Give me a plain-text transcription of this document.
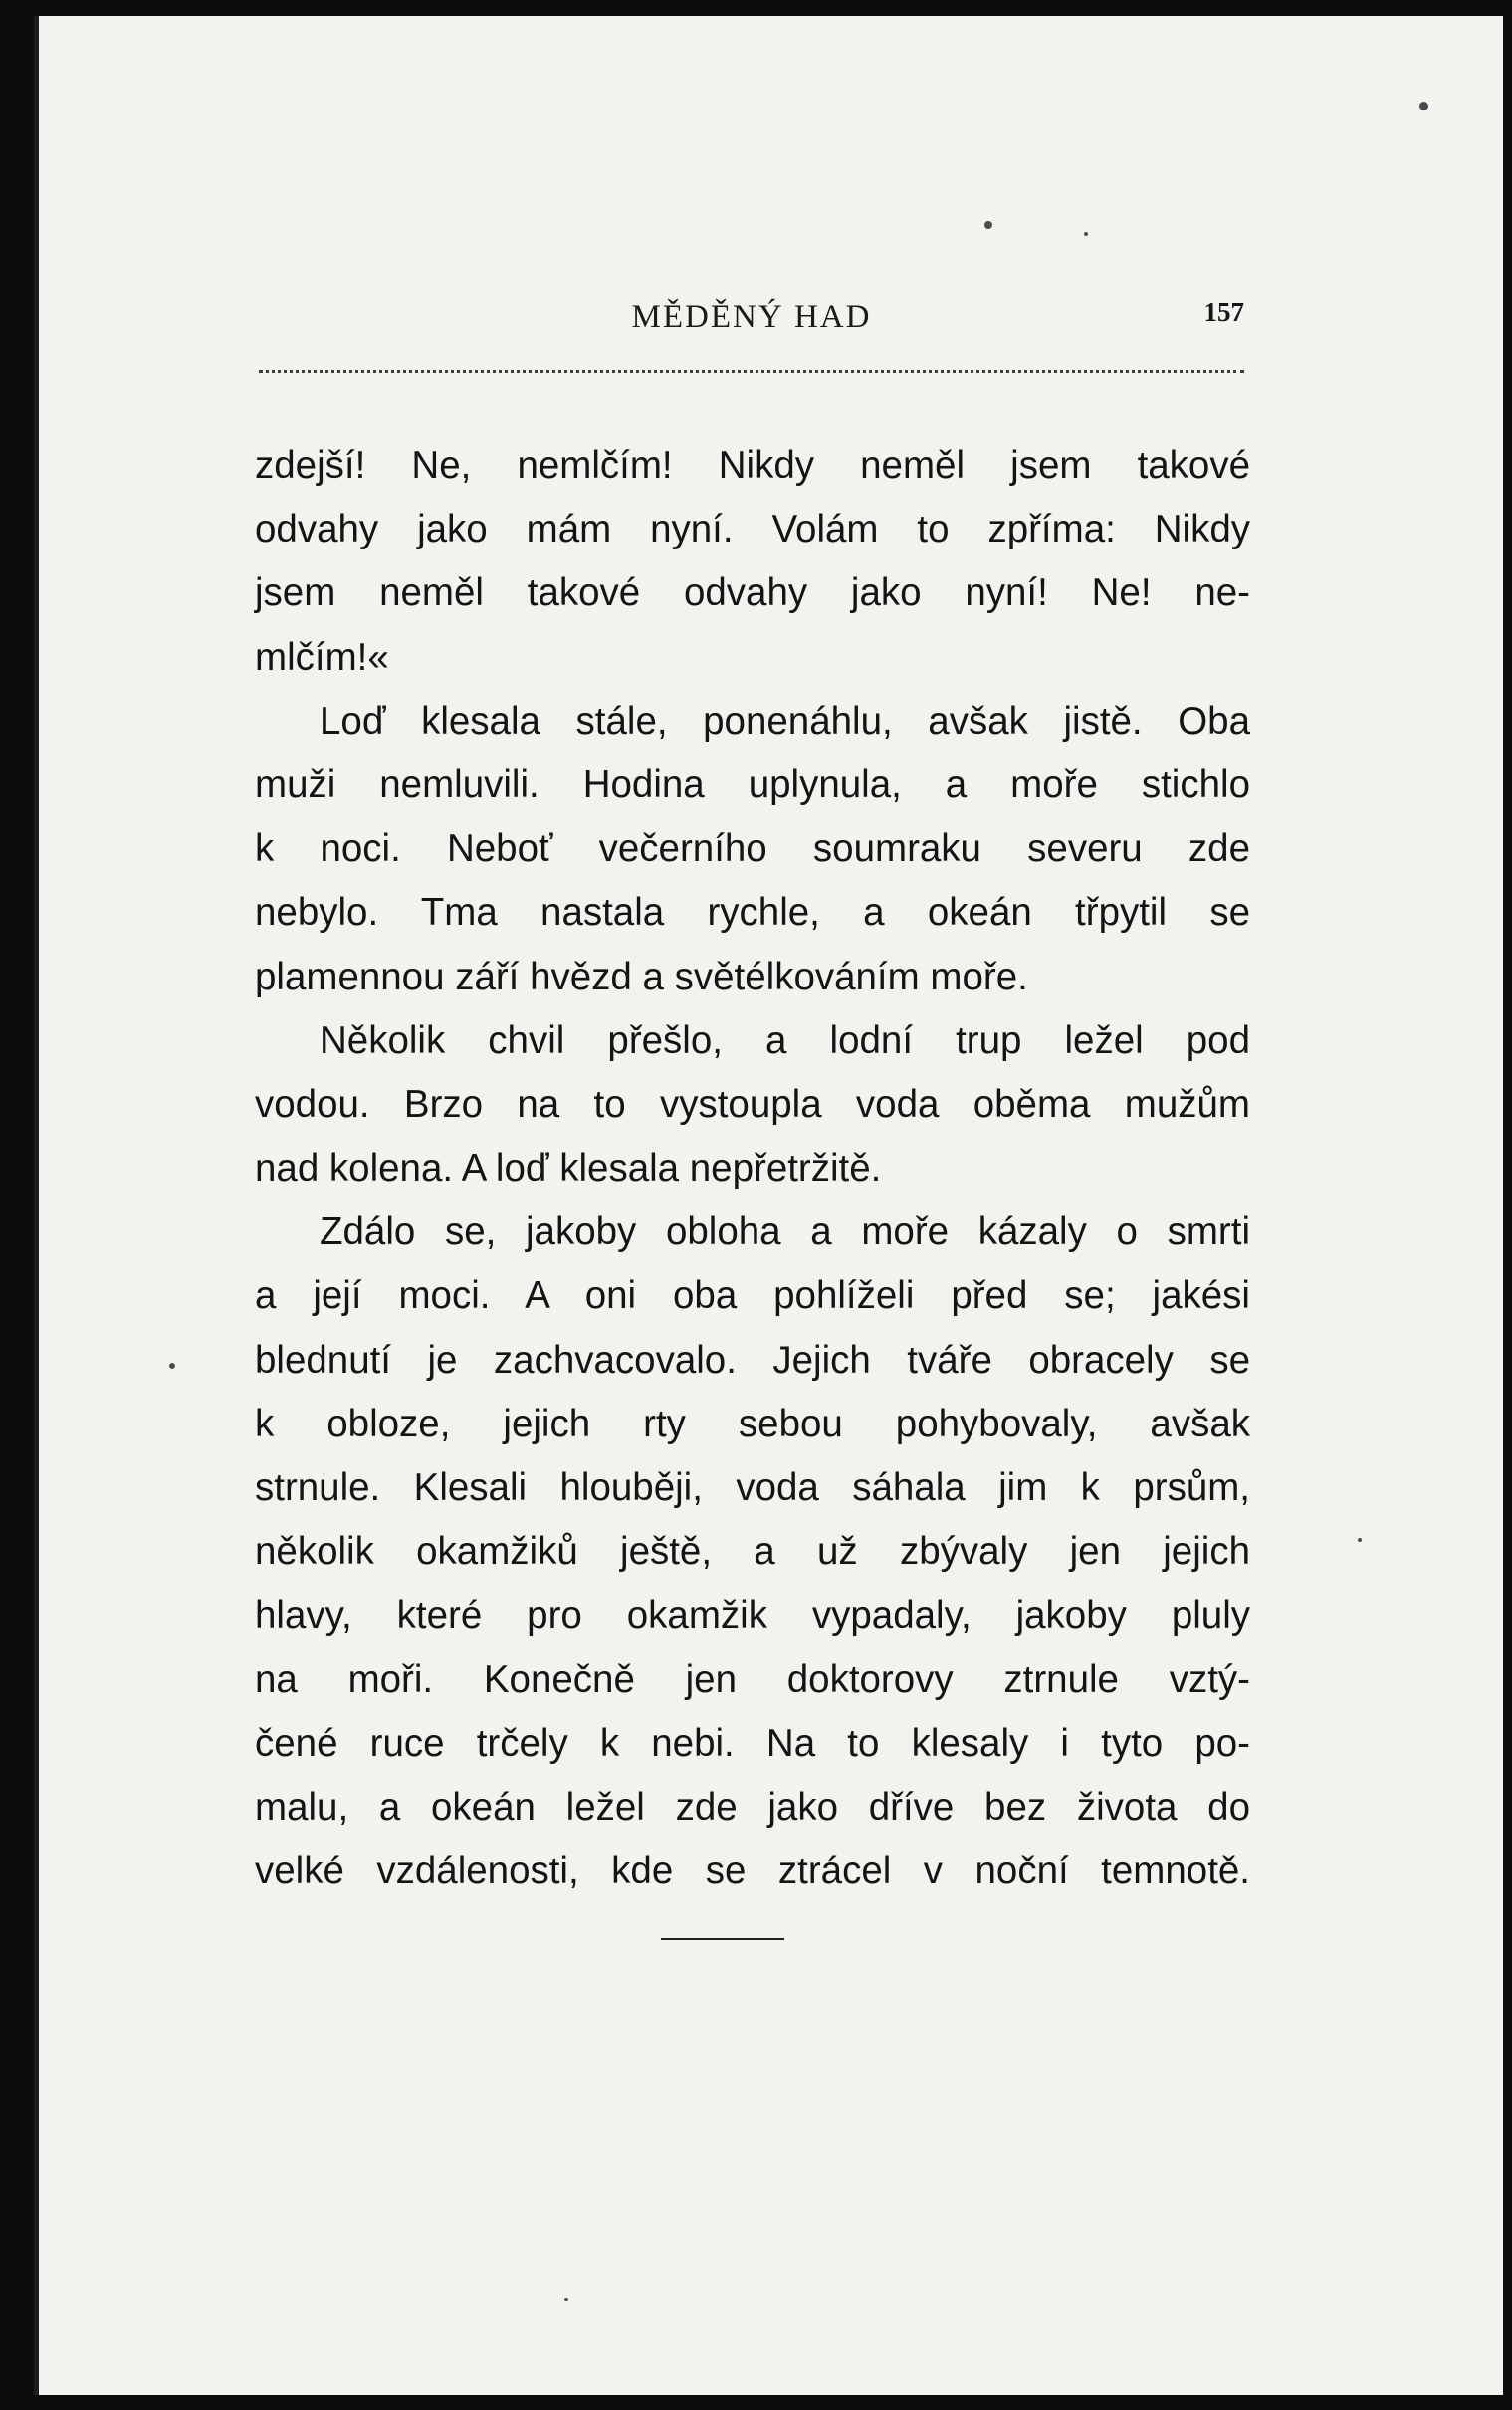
MĚDĚNÝ HAD	157
zdejší! Ne, nemlčím! Nikdy neměl jsem takové
odvahy jako mám nyní. Volám to zpříma: Nikdy
jsem neměl takové odvahy jako nyní! Ne! ne-
mlčím!«
Loď klesala stále, ponenáhlu, avšak jistě. Oba
muži nemluvili. Hodina uplynula, a moře stichlo
k noci. Neboť večerního soumraku severu zde
nebylo. Tma nastala rychle, a okeán třpytil se
plamennou září hvězd a světélkováním moře.
Několik chvil přešlo, a lodní trup ležel pod
vodou. Brzo na to vystoupla voda oběma mužům
nad kolena. A loď klesala nepřetržitě.
Zdálo se, jakoby obloha a moře kázaly o smrti
a její moci. A oni oba pohlíželi před se; jakési
blednutí je zachvacovalo. Jejich tváře obracely se
k obloze, jejich rty sebou pohybovaly, avšak
strnule. Klesali hlouběji, voda sáhala jim k prsům,
několik okamžiků ještě, a už zbývaly jen jejich
hlavy, které pro okamžik vypadaly, jakoby pluly
na moři. Konečně jen doktorovy ztrnule vztý-
čené ruce trčely k nebi. Na to klesaly i tyto po-
malu, a okeán ležel zde jako dříve bez života do
velké vzdálenosti, kde se ztrácel v noční temnotě.
